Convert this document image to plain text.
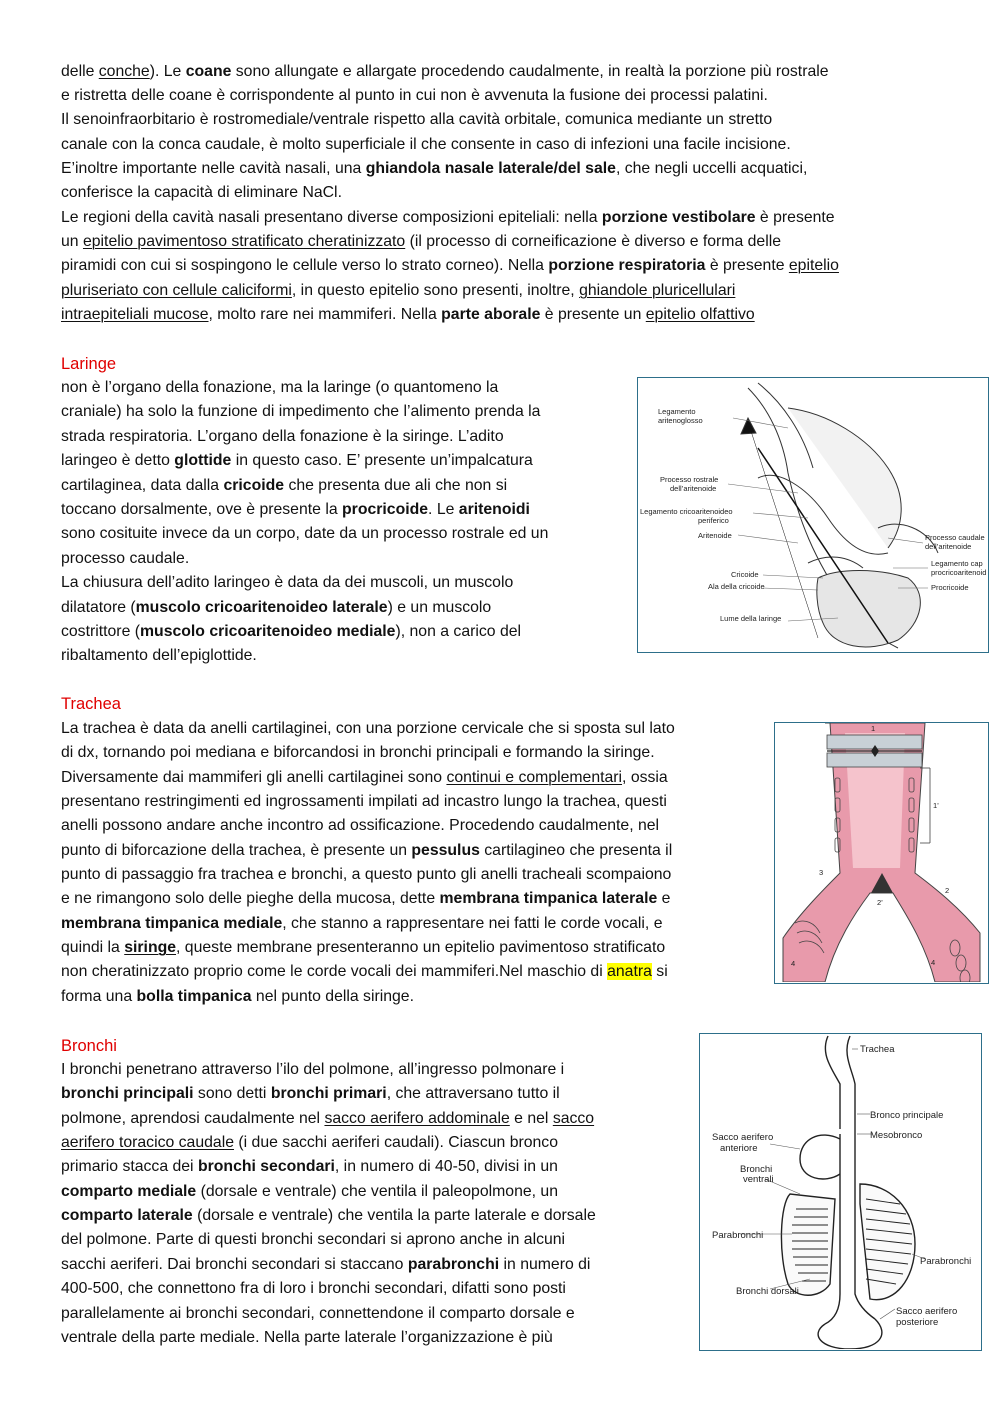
delle conche). Le coane sono allungate e allargate procedendo caudalmente, in realtà la porzione più rostrale
e ristretta delle coane è corrispondente al punto in cui non è avvenuta la fusione dei processi palatini.
Il senoinfraorbitario è rostromediale/ventrale rispetto alla cavità orbitale, comunica mediante un stretto
canale con la conca caudale, è molto superficiale il che consente in caso di infezioni una facile incisione.
E’inoltre importante nelle cavità nasali, una ghiandola nasale laterale/del sale, che negli uccelli acquatici,
conferisce la capacità di eliminare NaCl.
Le regioni della cavità nasali presentano diverse composizioni epiteliali: nella porzione vestibolare è presente
un epitelio pavimentoso stratificato cheratinizzato (il processo di corneificazione è diverso e forma delle
piramidi con cui si sospingono le cellule verso lo strato corneo). Nella porzione respiratoria è presente epitelio
pluriseriato con cellule caliciformi, in questo epitelio sono presenti, inoltre, ghiandole pluricellulari
intraepiteliali mucose, molto rare nei mammiferi. Nella parte aborale è presente un epitelio olfattivo
Laringe
non è l’organo della fonazione, ma la laringe (o quantomeno la
craniale) ha solo la funzione di impedimento che l’alimento prenda la
strada respiratoria. L’organo della fonazione è la siringe. L’adito
laringeo è detto glottide in questo caso. E’ presente un’impalcatura
cartilaginea, data dalla cricoide che presenta due ali che non si
toccano dorsalmente, ove è presente la procricoide. Le aritenoidi
sono cosituite invece da un corpo, date da un processo rostrale ed un
processo caudale.
La chiusura dell’adito laringeo è data da dei muscoli, un muscolo
dilatatore (muscolo cricoaritenoideo laterale) e un muscolo
costrittore (muscolo cricoaritenoideo mediale), non a carico del
ribaltamento dell’epiglottide.
Legamento
aritenoglosso
Processo rostrale
dell’aritenoide
Legamento cricoaritenoideo
periferico
Aritenoide
Cricoide
Ala della cricoide
Lume della laringe
Processo caudale
dell’aritenoide
Legamento cap
procricoaritenoid
Procricoide
Trachea
La trachea è data da anelli cartilaginei, con una porzione cervicale che si sposta sul lato
di dx, tornando poi mediana e biforcandosi in bronchi principali e formando la siringe.
Diversamente dai mammiferi gli anelli cartilaginei sono continui e complementari, ossia
presentano restringimenti ed ingrossamenti impilati ad incastro lungo la trachea, questi
anelli possono andare anche incontro ad ossificazione. Procedendo caudalmente, nel
punto di biforcazione della trachea, è presente un pessulus cartilagineo che presenta il
punto di passaggio fra trachea e bronchi, a questo punto gli anelli tracheali scompaiono
e ne rimangono solo delle pieghe della mucosa, dette membrana timpanica laterale e
membrana timpanica mediale, che stanno a rappresentare nei fatti le corde vocali, e
quindi la siringe, queste membrane presenteranno un epitelio pavimentoso stratificato
non cheratinizzato proprio come le corde vocali dei mammiferi.Nel maschio di anatra si
forma una bolla timpanica nel punto della siringe.
1
1’
2
2’
3
4	4
Bronchi
I bronchi penetrano attraverso l’ilo del polmone, all’ingresso polmonare i
bronchi principali sono detti bronchi primari, che attraversano tutto il
polmone, aprendosi caudalmente nel sacco aerifero addominale e nel sacco
aerifero toracico caudale (i due sacchi aeriferi caudali). Ciascun bronco
primario stacca dei bronchi secondari, in numero di 40-50, divisi in un
comparto mediale (dorsale e ventrale) che ventila il paleopolmone, un
comparto laterale (dorsale e ventrale) che ventila la parte laterale e dorsale
del polmone. Parte di questi bronchi secondari si aprono anche in alcuni
sacchi aeriferi. Dai bronchi secondari si staccano parabronchi in numero di
400-500, che connettono fra di loro i bronchi secondari, difatti sono posti
parallelamente ai bronchi secondari, connettendone il comparto dorsale e
ventrale della parte mediale. Nella parte laterale l’organizzazione è più
Trachea
Bronco principale
Sacco aerifero
anteriore
Mesobronco
Bronchi
ventrali
Parabronchi
Parabronchi
Bronchi dorsali
Sacco aerifero
posteriore
